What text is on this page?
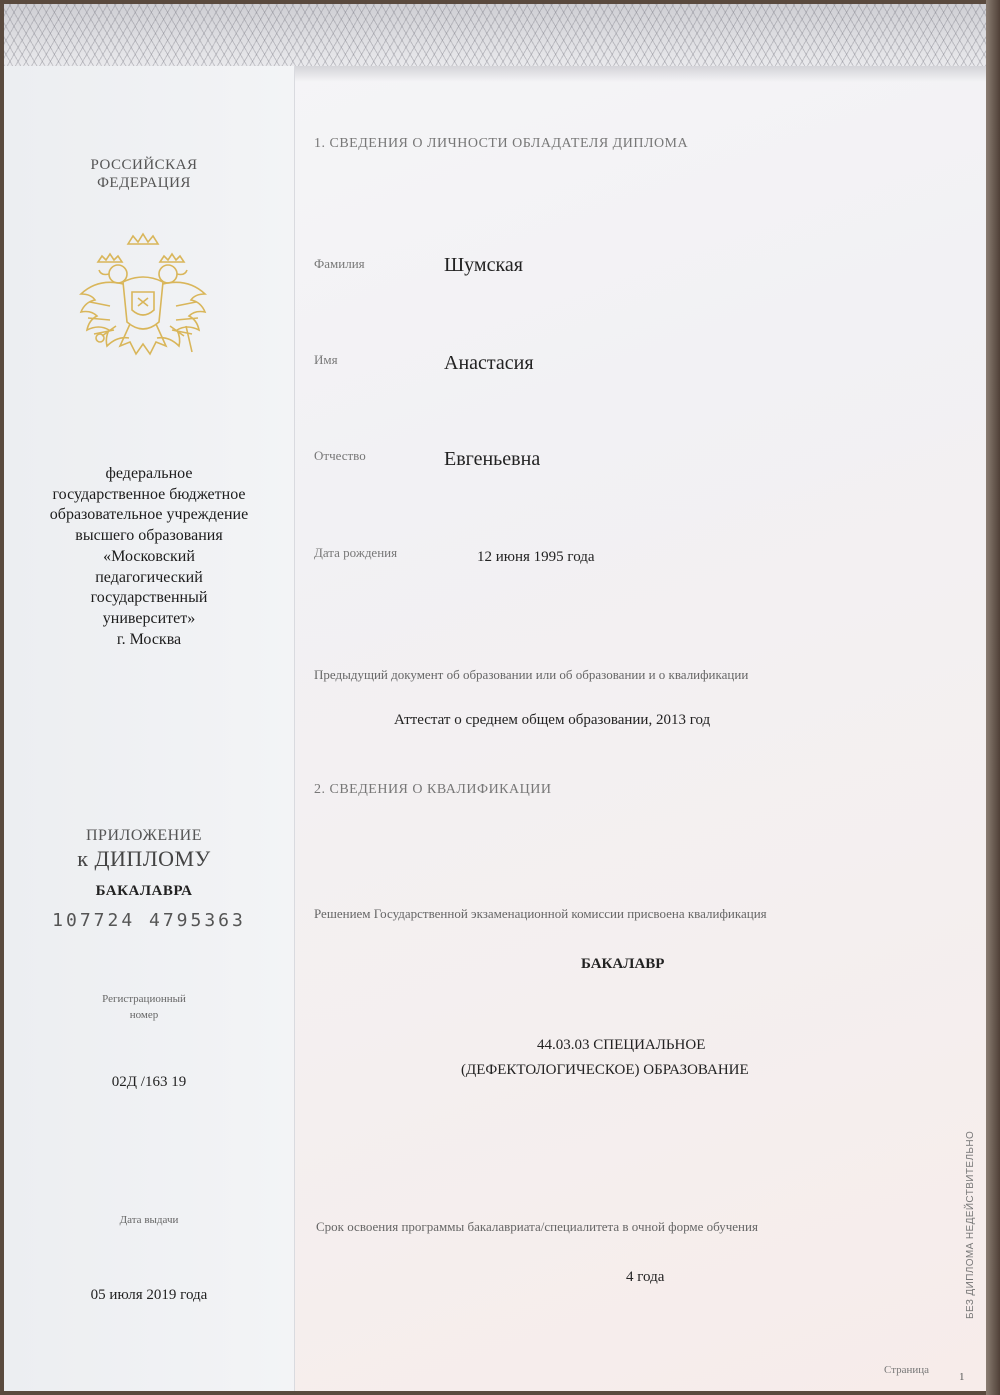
РОССИЙСКАЯ
ФЕДЕРАЦИЯ
федеральное
государственное бюджетное
образовательное учреждение
высшего образования
«Московский
педагогический
государственный
университет»
г. Москва
ПРИЛОЖЕНИЕ
к ДИПЛОМУ
БАКАЛАВРА
107724 4795363
Регистрационный
номер
02Д /163 19
Дата выдачи
05 июля 2019 года
1. СВЕДЕНИЯ О ЛИЧНОСТИ ОБЛАДАТЕЛЯ ДИПЛОМА
Фамилия	Шумская
Имя	Анастасия
Отчество	Евгеньевна
Дата рождения	12 июня 1995 года
Предыдущий документ об образовании или об образовании и о квалификации
Аттестат о среднем общем образовании, 2013 год
2. СВЕДЕНИЯ О КВАЛИФИКАЦИИ
Решением Государственной экзаменационной комиссии присвоена квалификация
БАКАЛАВР
44.03.03 СПЕЦИАЛЬНОЕ
(ДЕФЕКТОЛОГИЧЕСКОЕ) ОБРАЗОВАНИЕ
Срок освоения программы бакалавриата/специалитета в очной форме обучения
4 года	БЕЗ ДИПЛОМА НЕДЕЙСТВИТЕЛЬНО
Страница
1
